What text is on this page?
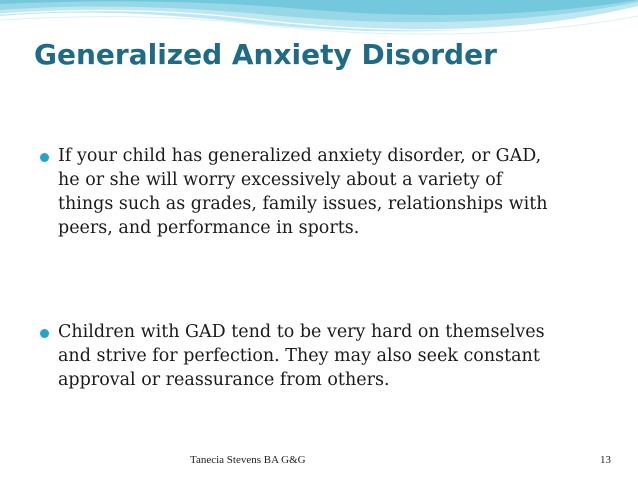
Generalized Anxiety Disorder
If your child has generalized anxiety disorder, or GAD,
he or she will worry excessively about a variety of
things such as grades, family issues, relationships with
peers, and performance in sports.
Children with GAD tend to be very hard on themselves
and strive for perfection. They may also seek constant
approval or reassurance from others.
Tanecia Stevens BA G&G	13
